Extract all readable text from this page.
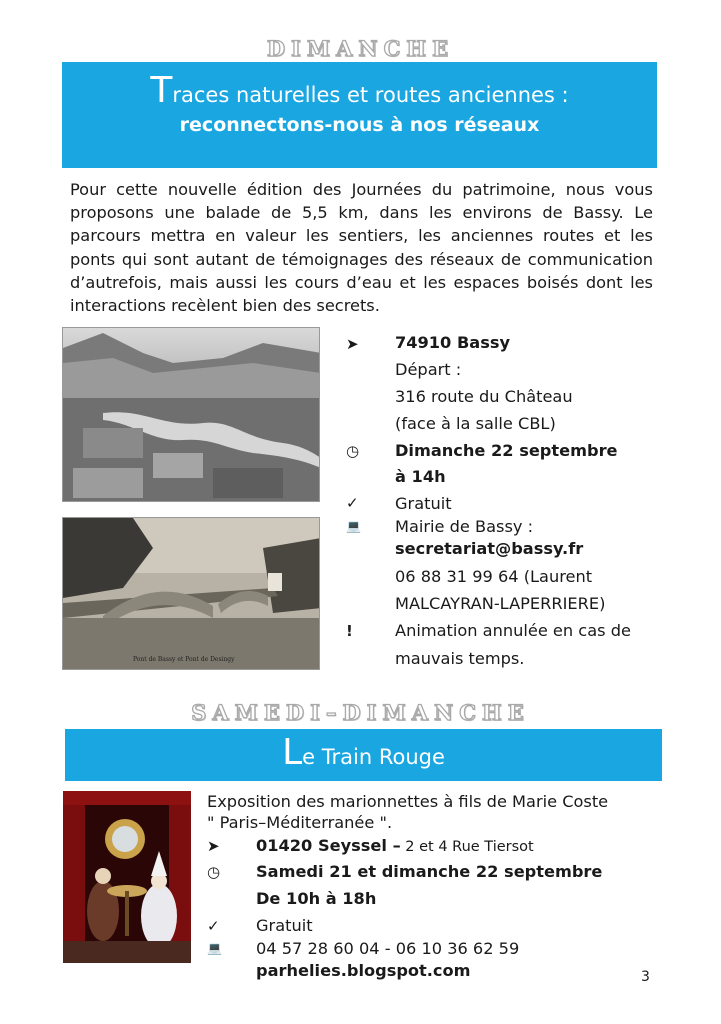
DIMANCHE
Traces naturelles et routes anciennes :
reconnectons-nous à nos réseaux
Pour cette nouvelle édition des Journées du patrimoine, nous vous proposons une balade de 5,5 km, dans les environs de Bassy. Le parcours mettra en valeur les sentiers, les anciennes routes et les ponts qui sont autant de témoignages des réseaux de communication d’autrefois, mais aussi les cours d’eau et les espaces boisés dont les interactions recèlent bien des secrets.
Pont de Bassy et Pont de Desingy
➤	74910 Bassy
Départ :
316 route du Château
(face à la salle CBL)
◷	Dimanche 22 septembre
à 14h
✓	Gratuit
💻	Mairie de Bassy :
secretariat@bassy.fr
06 88 31 99 64 (Laurent
MALCAYRAN-LAPERRIERE)
!	Animation annulée en cas de
mauvais temps.
SAMEDI–DIMANCHE
Le Train Rouge
Exposition des marionnettes à fils de Marie Coste
" Paris–Méditerranée ".
➤	01420 Seyssel – 2 et 4 Rue Tiersot
◷	Samedi 21 et dimanche 22 septembre
De 10h à 18h
✓	Gratuit
💻	04 57 28 60 04 - 06 10 36 62 59
parhelies.blogspot.com	3
